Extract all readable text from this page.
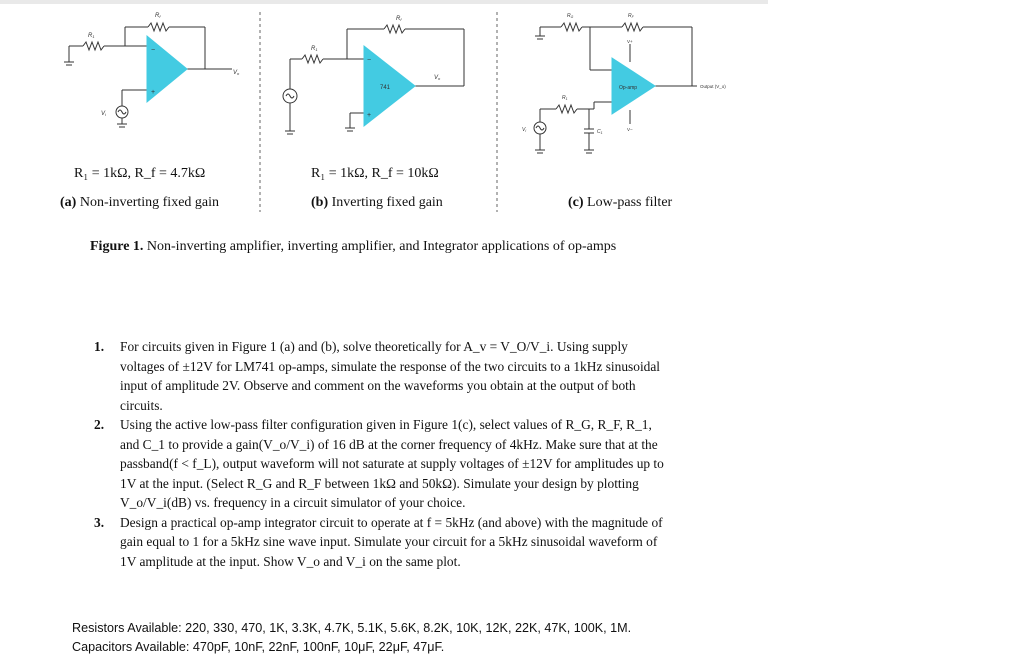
−
+
Rf
R1
Vo
Vi
−
+
741
Rf
R1
Vo
Op-amp
$R_G$	$R_F$
$R_1$
$C_1$
$V_i$
V+
V−
Output (V_o)
R₁ = 1kΩ, R_f = 4.7kΩ	R₁ = 1kΩ, R_f = 10kΩ
(a) Non-inverting fixed gain	(b) Inverting fixed gain	(c) Low-pass filter
Figure 1. Non-inverting amplifier, inverting amplifier, and Integrator applications of op-amps
1. For circuits given in Figure 1 (a) and (b), solve theoretically for A_v = V_O/V_i. Using supply voltages of ±12V for LM741 op-amps, simulate the response of the two circuits to a 1kHz sinusoidal input of amplitude 2V. Observe and comment on the waveforms you obtain at the output of both circuits.
2. Using the active low-pass filter configuration given in Figure 1(c), select values of R_G, R_F, R_1, and C_1 to provide a gain(V_o/V_i) of 16 dB at the corner frequency of 4kHz. Make sure that at the passband(f < f_L), output waveform will not saturate at supply voltages of ±12V for amplitudes up to 1V at the input. (Select R_G and R_F between 1kΩ and 50kΩ). Simulate your design by plotting V_o/V_i(dB) vs. frequency in a circuit simulator of your choice.
3. Design a practical op-amp integrator circuit to operate at f = 5kHz (and above) with the magnitude of gain equal to 1 for a 5kHz sine wave input. Simulate your circuit for a 5kHz sinusoidal waveform of 1V amplitude at the input. Show V_o and V_i on the same plot.
Resistors Available: 220, 330, 470, 1K, 3.3K, 4.7K, 5.1K, 5.6K, 8.2K, 10K, 12K, 22K, 47K, 100K, 1M.
Capacitors Available: 470pF, 10nF, 22nF, 100nF, 10μF, 22μF, 47μF.
